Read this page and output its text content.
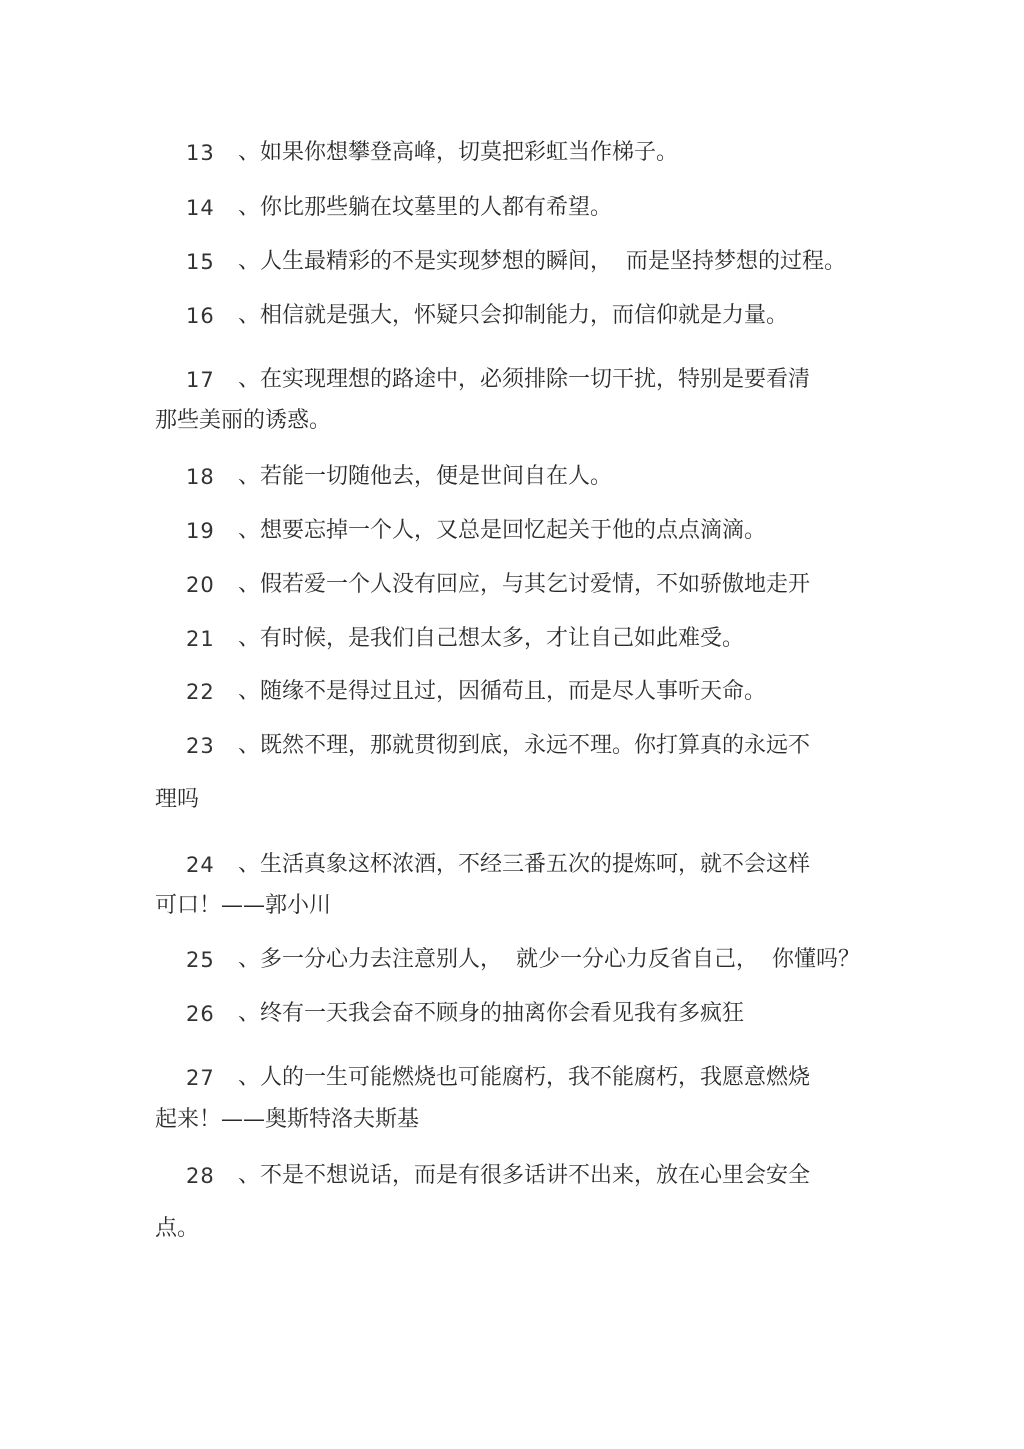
13 、如果你想攀登高峰，切莫把彩虹当作梯子。
14 、你比那些躺在坟墓里的人都有希望。
15 、人生最精彩的不是实现梦想的瞬间，  而是坚持梦想的过程。
16 、相信就是强大，怀疑只会抑制能力，而信仰就是力量。
17 、在实现理想的路途中，必须排除一切干扰，特别是要看清
那些美丽的诱惑。
18 、若能一切随他去，便是世间自在人。
19 、想要忘掉一个人，又总是回忆起关于他的点点滴滴。
20 、假若爱一个人没有回应，与其乞讨爱情，不如骄傲地走开
21 、有时候，是我们自己想太多，才让自己如此难受。
22 、随缘不是得过且过，因循苟且，而是尽人事听天命。
23 、既然不理，那就贯彻到底，永远不理。你打算真的永远不
理吗
24 、生活真象这杯浓酒，不经三番五次的提炼呵，就不会这样
可口！——郭小川
25 、多一分心力去注意别人，  就少一分心力反省自己，  你懂吗？
26 、终有一天我会奋不顾身的抽离你会看见我有多疯狂
27 、人的一生可能燃烧也可能腐朽，我不能腐朽，我愿意燃烧
起来！——奥斯特洛夫斯基
28 、不是不想说话，而是有很多话讲不出来，放在心里会安全
点。
